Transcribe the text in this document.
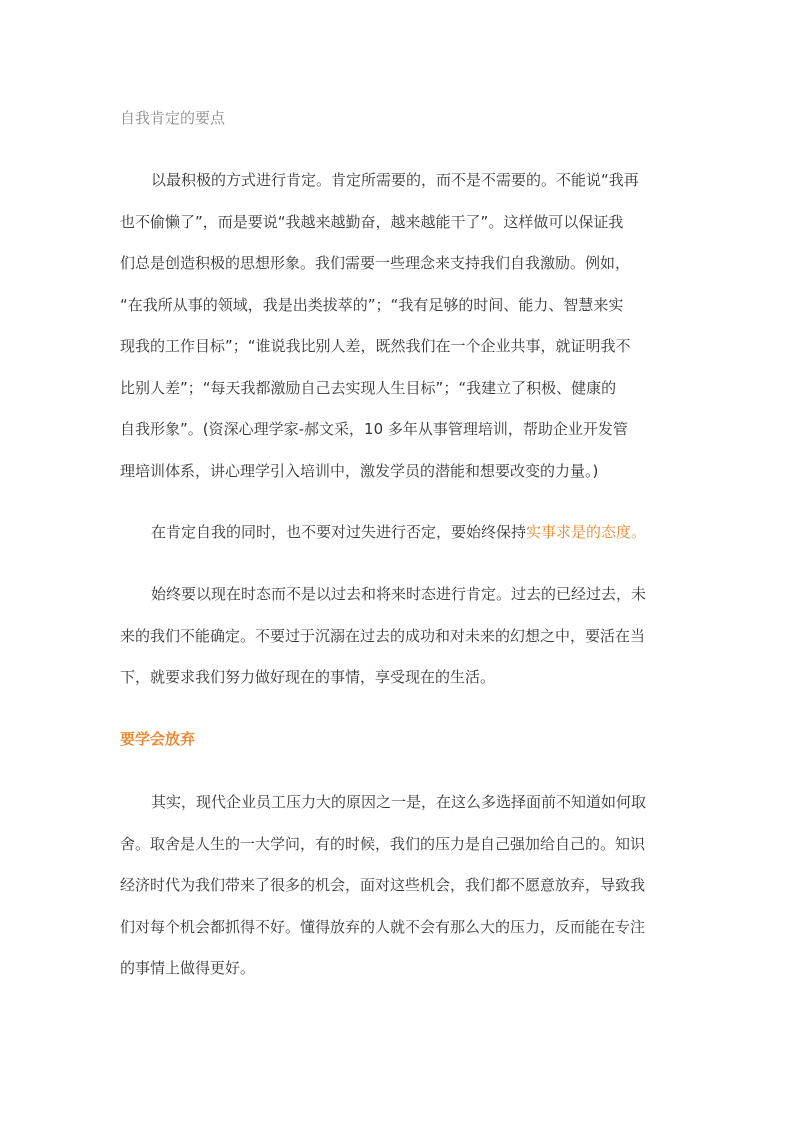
自我肯定的要点
以最积极的方式进行肯定。肯定所需要的，而不是不需要的。不能说“我再
也不偷懒了”，而是要说“我越来越勤奋，越来越能干了”。这样做可以保证我
们总是创造积极的思想形象。我们需要一些理念来支持我们自我激励。例如，
“在我所从事的领域，我是出类拔萃的”；“我有足够的时间、能力、智慧来实
现我的工作目标”；“谁说我比别人差，既然我们在一个企业共事，就证明我不
比别人差”；“每天我都激励自己去实现人生目标”；“我建立了积极、健康的
自我形象”。(资深心理学家-郝文采，10 多年从事管理培训，帮助企业开发管
理培训体系，讲心理学引入培训中，激发学员的潜能和想要改变的力量。)
在肯定自我的同时，也不要对过失进行否定，要始终保持实事求是的态度。
始终要以现在时态而不是以过去和将来时态进行肯定。过去的已经过去，未
来的我们不能确定。不要过于沉溺在过去的成功和对未来的幻想之中，要活在当
下，就要求我们努力做好现在的事情，享受现在的生活。
要学会放弃
其实，现代企业员工压力大的原因之一是，在这么多选择面前不知道如何取
舍。取舍是人生的一大学问，有的时候，我们的压力是自己强加给自己的。知识
经济时代为我们带来了很多的机会，面对这些机会，我们都不愿意放弃，导致我
们对每个机会都抓得不好。懂得放弃的人就不会有那么大的压力，反而能在专注
的事情上做得更好。
